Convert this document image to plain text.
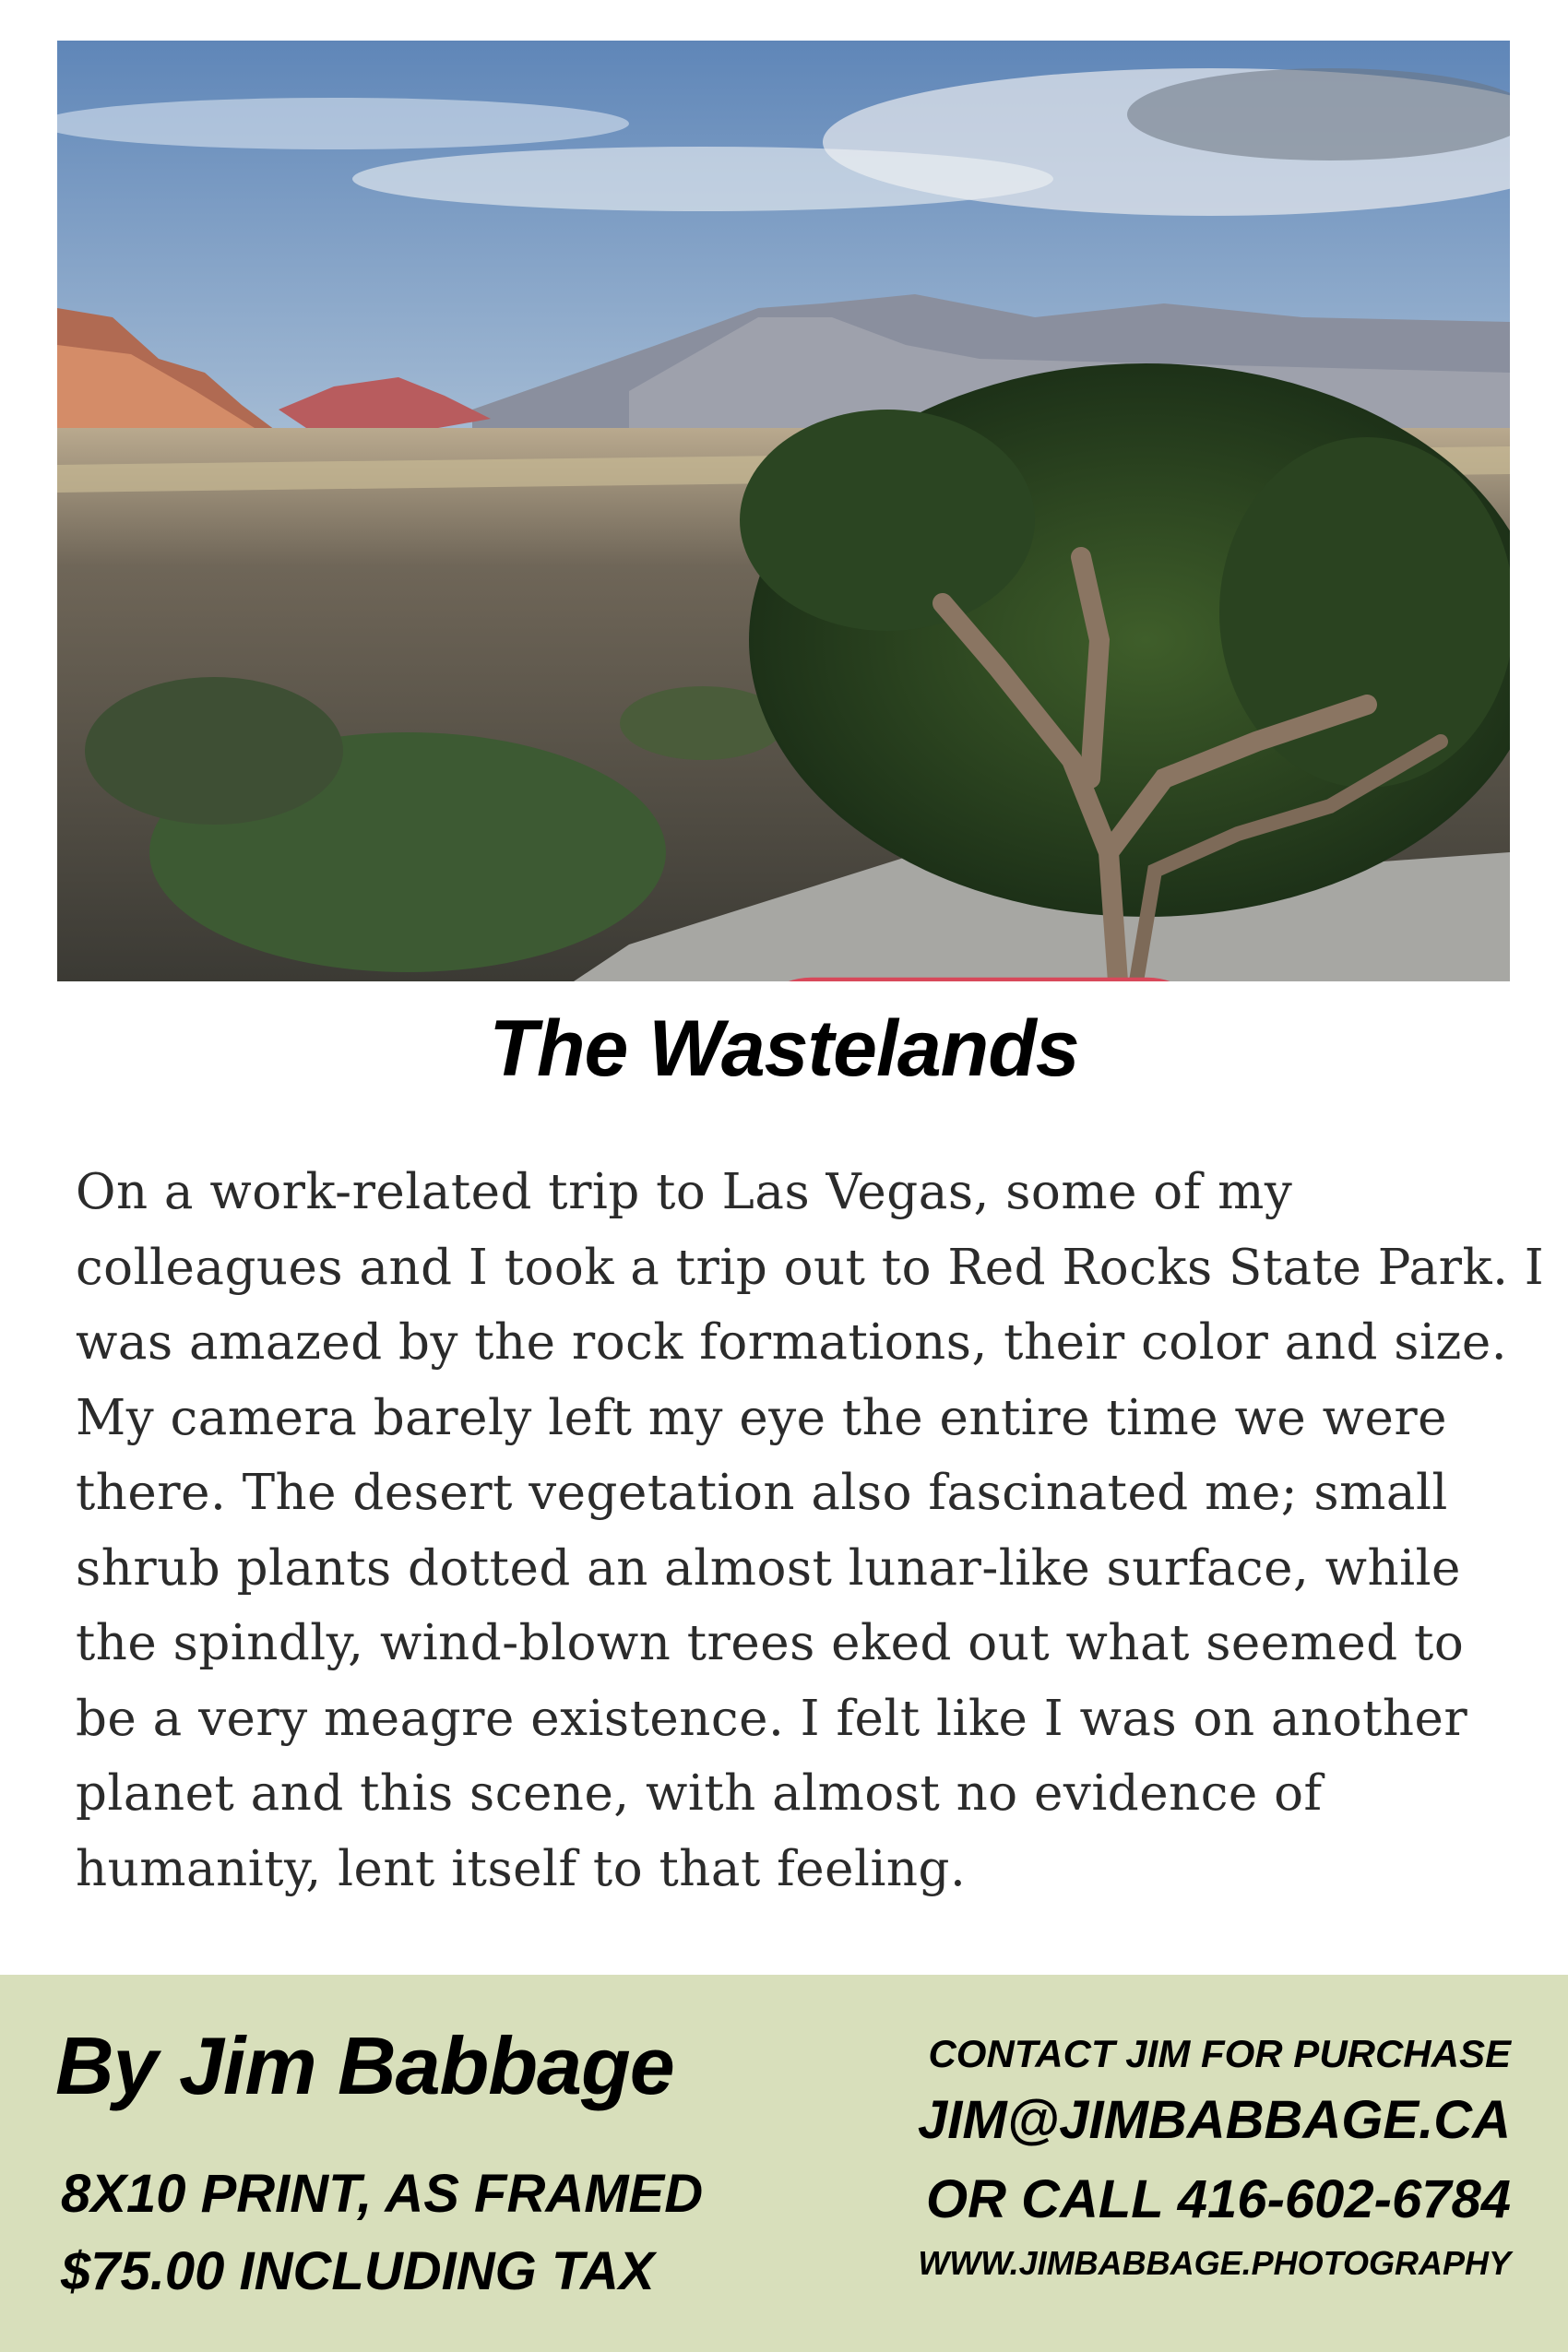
The Wastelands
On a work-related trip to Las Vegas, some of my
colleagues and I took a trip out to Red Rocks State Park. I
was amazed by the rock formations, their color and size.
My camera barely left my eye the entire time we were
there. The desert vegetation also fascinated me; small
shrub plants dotted an almost lunar-like surface, while
the spindly, wind-blown trees eked out what seemed to
be a very meagre existence. I felt like I was on another
planet and this scene, with almost no evidence of
humanity, lent itself to that feeling.
By Jim Babbage
8X10 PRINT, AS FRAMED
$75.00 INCLUDING TAX
CONTACT JIM FOR PURCHASE
JIM@JIMBABBAGE.CA
OR CALL 416-602-6784
WWW.JIMBABBAGE.PHOTOGRAPHY
